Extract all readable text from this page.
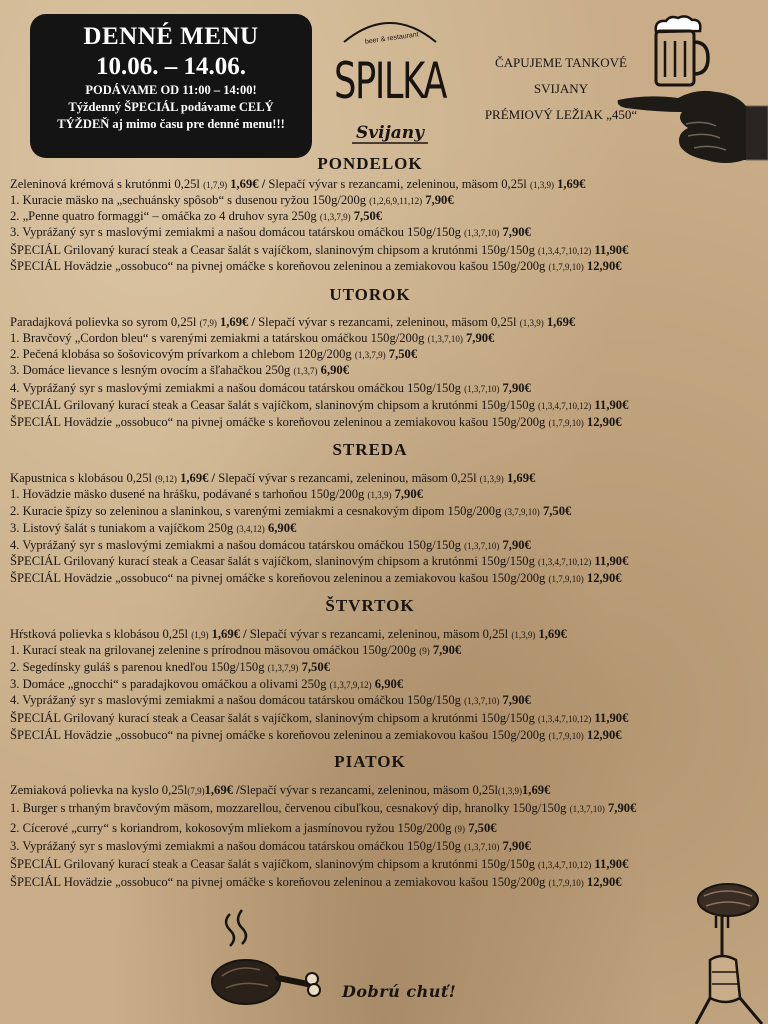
DENNÉ MENU
10.06. – 14.06.
PODÁVAME OD 11:00 – 14:00!
Týždenný ŠPECIÁL podávame CELÝ
TÝŽDEŇ aj mimo času pre denné menu!!!
beer & restaurant
SPILKA
Svijany
ČAPUJEME TANKOVÉ
SVIJANY
PRÉMIOVÝ LEŽIAK „450“
PONDELOK
UTOROK
STREDA
ŠTVRTOK
PIATOK
Zeleninová krémová s krutónmi 0,25l (1,7,9) 1,69€ / Slepačí vývar s rezancami, zeleninou, mäsom 0,25l (1,3,9) 1,69€
1. Kuracie mäsko na „sechuánsky spôsob“ s dusenou ryžou 150g/200g (1,2,6,9,11,12) 7,90€
2. „Penne quatro formaggi“ – omáčka zo 4 druhov syra 250g (1,3,7,9) 7,50€
3. Vyprážaný syr s maslovými zemiakmi a našou domácou tatárskou omáčkou 150g/150g (1,3,7,10) 7,90€
ŠPECIÁL Grilovaný kurací steak a Ceasar šalát s vajíčkom, slaninovým chipsom a krutónmi 150g/150g (1,3,4,7,10,12) 11,90€
ŠPECIÁL Hovädzie „ossobuco“ na pivnej omáčke s koreňovou zeleninou a zemiakovou kašou 150g/200g (1,7,9,10) 12,90€
Paradajková polievka so syrom 0,25l (7,9) 1,69€ / Slepačí vývar s rezancami, zeleninou, mäsom 0,25l (1,3,9) 1,69€
1. Bravčový „Cordon bleu“ s varenými zemiakmi a tatárskou omáčkou 150g/200g (1,3,7,10) 7,90€
2. Pečená klobása so šošovicovým prívarkom a chlebom 120g/200g (1,3,7,9) 7,50€
3. Domáce lievance s lesným ovocím a šľahačkou 250g (1,3,7) 6,90€
4. Vyprážaný syr s maslovými zemiakmi a našou domácou tatárskou omáčkou 150g/150g (1,3,7,10) 7,90€
ŠPECIÁL Grilovaný kurací steak a Ceasar šalát s vajíčkom, slaninovým chipsom a krutónmi 150g/150g (1,3,4,7,10,12) 11,90€
ŠPECIÁL Hovädzie „ossobuco“ na pivnej omáčke s koreňovou zeleninou a zemiakovou kašou 150g/200g (1,7,9,10) 12,90€
Kapustnica s klobásou 0,25l (9,12) 1,69€ / Slepačí vývar s rezancami, zeleninou, mäsom 0,25l (1,3,9) 1,69€
1. Hovädzie mäsko dusené na hrášku, podávané s tarhoňou 150g/200g (1,3,9) 7,90€
2. Kuracie špízy so zeleninou a slaninkou, s varenými zemiakmi a cesnakovým dipom 150g/200g (3,7,9,10) 7,50€
3. Listový šalát s tuniakom a vajíčkom 250g (3,4,12) 6,90€
4. Vyprážaný syr s maslovými zemiakmi a našou domácou tatárskou omáčkou 150g/150g (1,3,7,10) 7,90€
ŠPECIÁL Grilovaný kurací steak a Ceasar šalát s vajíčkom, slaninovým chipsom a krutónmi 150g/150g (1,3,4,7,10,12) 11,90€
ŠPECIÁL Hovädzie „ossobuco“ na pivnej omáčke s koreňovou zeleninou a zemiakovou kašou 150g/200g (1,7,9,10) 12,90€
Hŕstková polievka s klobásou 0,25l (1,9) 1,69€ / Slepačí vývar s rezancami, zeleninou, mäsom 0,25l (1,3,9) 1,69€
1. Kurací steak na grilovanej zelenine s prírodnou mäsovou omáčkou 150g/200g (9) 7,90€
2. Segedínsky guláš s parenou knedľou 150g/150g (1,3,7,9) 7,50€
3. Domáce „gnocchi“ s paradajkovou omáčkou a olivami 250g (1,3,7,9,12) 6,90€
4. Vyprážaný syr s maslovými zemiakmi a našou domácou tatárskou omáčkou 150g/150g (1,3,7,10) 7,90€
ŠPECIÁL Grilovaný kurací steak a Ceasar šalát s vajíčkom, slaninovým chipsom a krutónmi 150g/150g (1,3,4,7,10,12) 11,90€
ŠPECIÁL Hovädzie „ossobuco“ na pivnej omáčke s koreňovou zeleninou a zemiakovou kašou 150g/200g (1,7,9,10) 12,90€
Zemiaková polievka na kyslo 0,25l(7,9)1,69€ /Slepačí vývar s rezancami, zeleninou, mäsom 0,25l(1,3,9)1,69€
1. Burger s trhaným bravčovým mäsom, mozzarellou, červenou cibuľkou, cesnakový dip, hranolky 150g/150g (1,3,7,10) 7,90€
2. Cícerové „curry“ s koriandrom, kokosovým mliekom a jasmínovou ryžou 150g/200g (9) 7,50€
3. Vyprážaný syr s maslovými zemiakmi a našou domácou tatárskou omáčkou 150g/150g (1,3,7,10) 7,90€
ŠPECIÁL Grilovaný kurací steak a Ceasar šalát s vajíčkom, slaninovým chipsom a krutónmi 150g/150g (1,3,4,7,10,12) 11,90€
ŠPECIÁL Hovädzie „ossobuco“ na pivnej omáčke s koreňovou zeleninou a zemiakovou kašou 150g/200g (1,7,9,10) 12,90€
Dobrú chuť!
